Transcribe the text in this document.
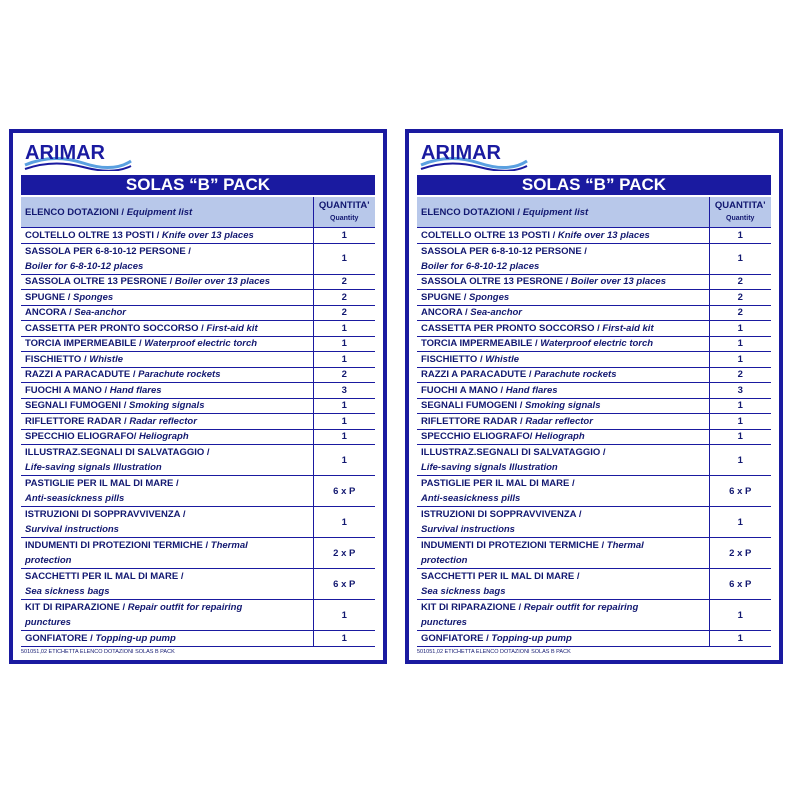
ARIMAR
SOLAS “B” PACK
ELENCO DOTAZIONI / Equipment list	QUANTITA'
Quantity

COLTELLO OLTRE 13 POSTI / Knife over 13 places	1

SASSOLA PER 6-8-10-12 PERSONE /
Boiler for 6-8-10-12 places	1
SASSOLA OLTRE 13 PESRONE / Boiler over 13 places	2
SPUGNE / Sponges	2
ANCORA / Sea-anchor	2
CASSETTA PER PRONTO SOCCORSO / First-aid kit	1
TORCIA IMPERMEABILE / Waterproof electric torch	1
FISCHIETTO / Whistle	1
RAZZI A PARACADUTE / Parachute rockets	2
FUOCHI A MANO / Hand flares	3
SEGNALI FUMOGENI / Smoking signals	1
RIFLETTORE RADAR / Radar reflector	1
SPECCHIO ELIOGRAFO/ Heliograph	1

ILLUSTRAZ.SEGNALI DI SALVATAGGIO /
Life-saving signals Illustration	1

PASTIGLIE PER IL MAL DI MARE /
Anti-seasickness pills	6 x P

ISTRUZIONI DI SOPPRAVVIVENZA /
Survival instructions	1

INDUMENTI DI PROTEZIONI TERMICHE / Thermal
protection	2 x P

SACCHETTI PER IL MAL DI MARE /
Sea sickness bags	6 x P

KIT DI RIPARAZIONE / Repair outfit for repairing
punctures	1
GONFIATORE / Topping-up pump	1
501051,02 ETICHETTA ELENCO DOTAZIONI SOLAS B PACK
ARIMAR
SOLAS “B” PACK
ELENCO DOTAZIONI / Equipment list	QUANTITA'
Quantity

COLTELLO OLTRE 13 POSTI / Knife over 13 places	1

SASSOLA PER 6-8-10-12 PERSONE /
Boiler for 6-8-10-12 places	1
SASSOLA OLTRE 13 PESRONE / Boiler over 13 places	2
SPUGNE / Sponges	2
ANCORA / Sea-anchor	2
CASSETTA PER PRONTO SOCCORSO / First-aid kit	1
TORCIA IMPERMEABILE / Waterproof electric torch	1
FISCHIETTO / Whistle	1
RAZZI A PARACADUTE / Parachute rockets	2
FUOCHI A MANO / Hand flares	3
SEGNALI FUMOGENI / Smoking signals	1
RIFLETTORE RADAR / Radar reflector	1
SPECCHIO ELIOGRAFO/ Heliograph	1

ILLUSTRAZ.SEGNALI DI SALVATAGGIO /
Life-saving signals Illustration	1

PASTIGLIE PER IL MAL DI MARE /
Anti-seasickness pills	6 x P

ISTRUZIONI DI SOPPRAVVIVENZA /
Survival instructions	1

INDUMENTI DI PROTEZIONI TERMICHE / Thermal
protection	2 x P

SACCHETTI PER IL MAL DI MARE /
Sea sickness bags	6 x P

KIT DI RIPARAZIONE / Repair outfit for repairing
punctures	1
GONFIATORE / Topping-up pump	1
501051,02 ETICHETTA ELENCO DOTAZIONI SOLAS B PACK
